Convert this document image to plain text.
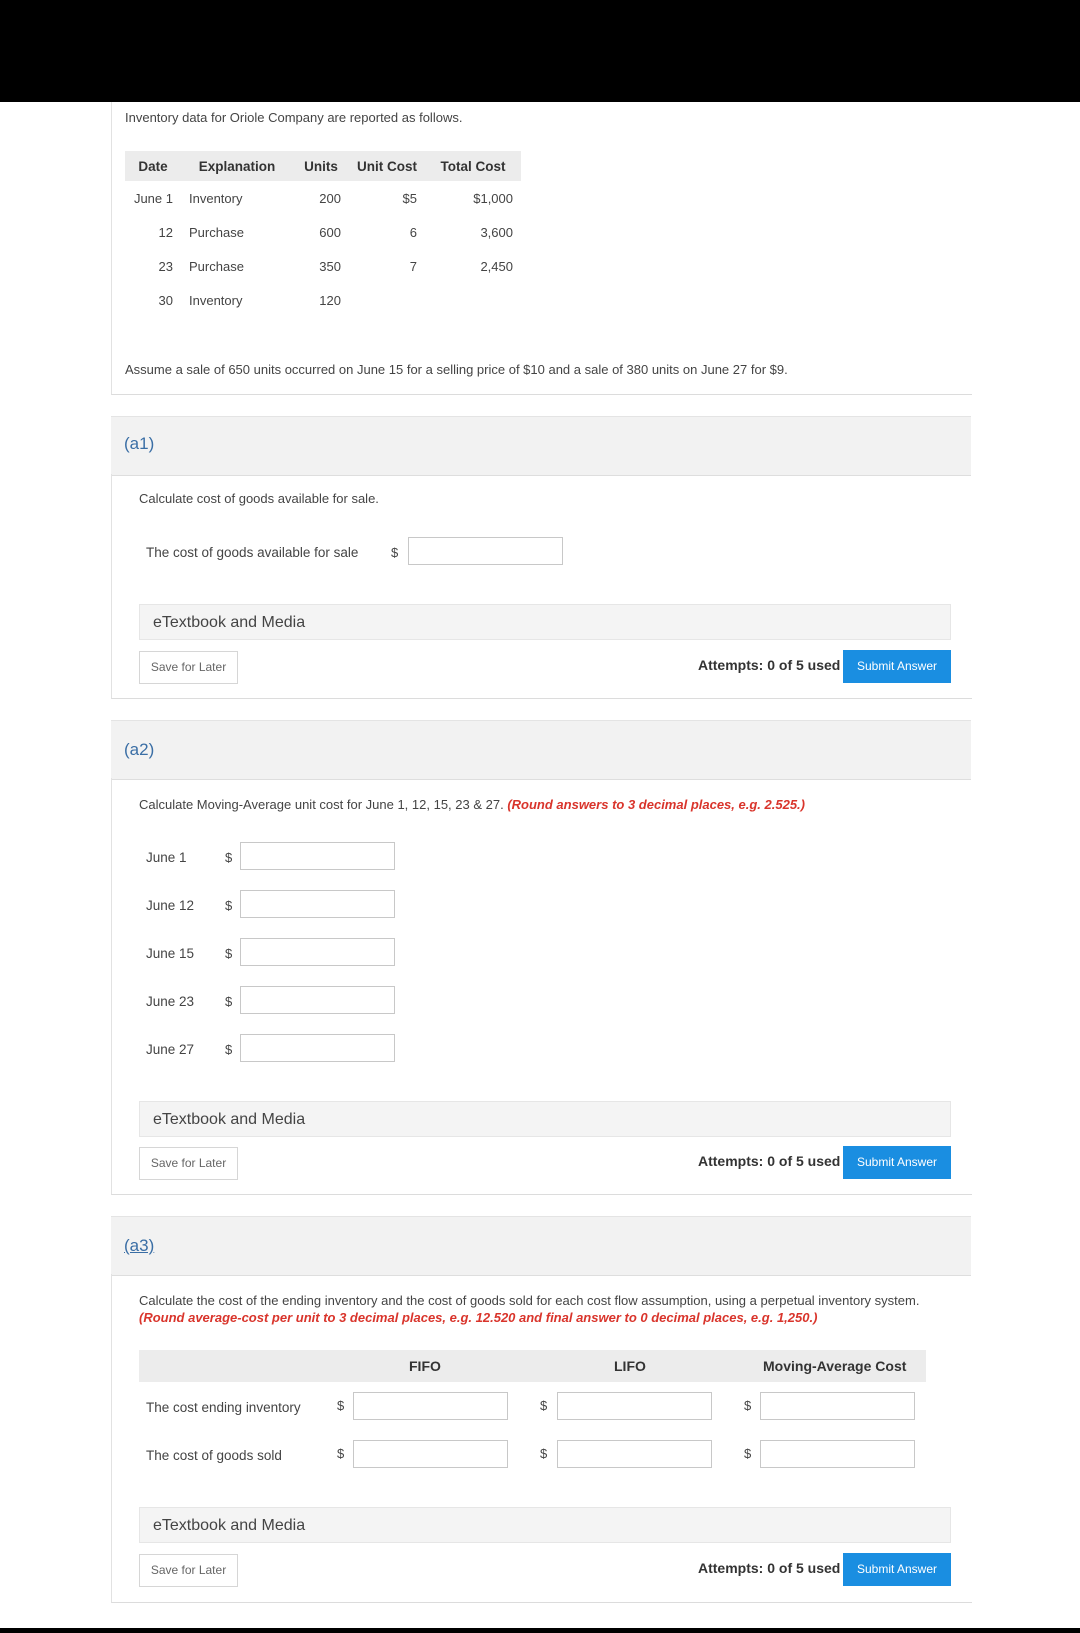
Inventory data for Oriole Company are reported as follows.
Date	Explanation	Units	Unit Cost	Total Cost
June 1	Inventory	200	$5	$1,000
12	Purchase	600	6	3,600
23	Purchase	350	7	2,450
30	Inventory	120		
Assume a sale of 650 units occurred on June 15 for a selling price of $10 and a sale of 380 units on June 27 for $9.
(a1)
Calculate cost of goods available for sale.
The cost of goods available for sale	$
eTextbook and Media
Save for Later	Attempts: 0 of 5 used	Submit Answer
(a2)
Calculate Moving-Average unit cost for June 1, 12, 15, 23 & 27. (Round answers to 3 decimal places, e.g. 2.525.)
June 1	$
June 12 $
June 15 $
June 23 $
June 27 $
eTextbook and Media
Save for Later	Attempts: 0 of 5 used	Submit Answer
(a3)
Calculate the cost of the ending inventory and the cost of goods sold for each cost flow assumption, using a perpetual inventory system. (Round average-cost per unit to 3 decimal places, e.g. 12.520 and final answer to 0 decimal places, e.g. 1,250.)
FIFO	LIFO	Moving-Average Cost
The cost ending inventory	$	$	$
The cost of goods sold	$	$	$
eTextbook and Media
Save for Later	Attempts: 0 of 5 used	Submit Answer
